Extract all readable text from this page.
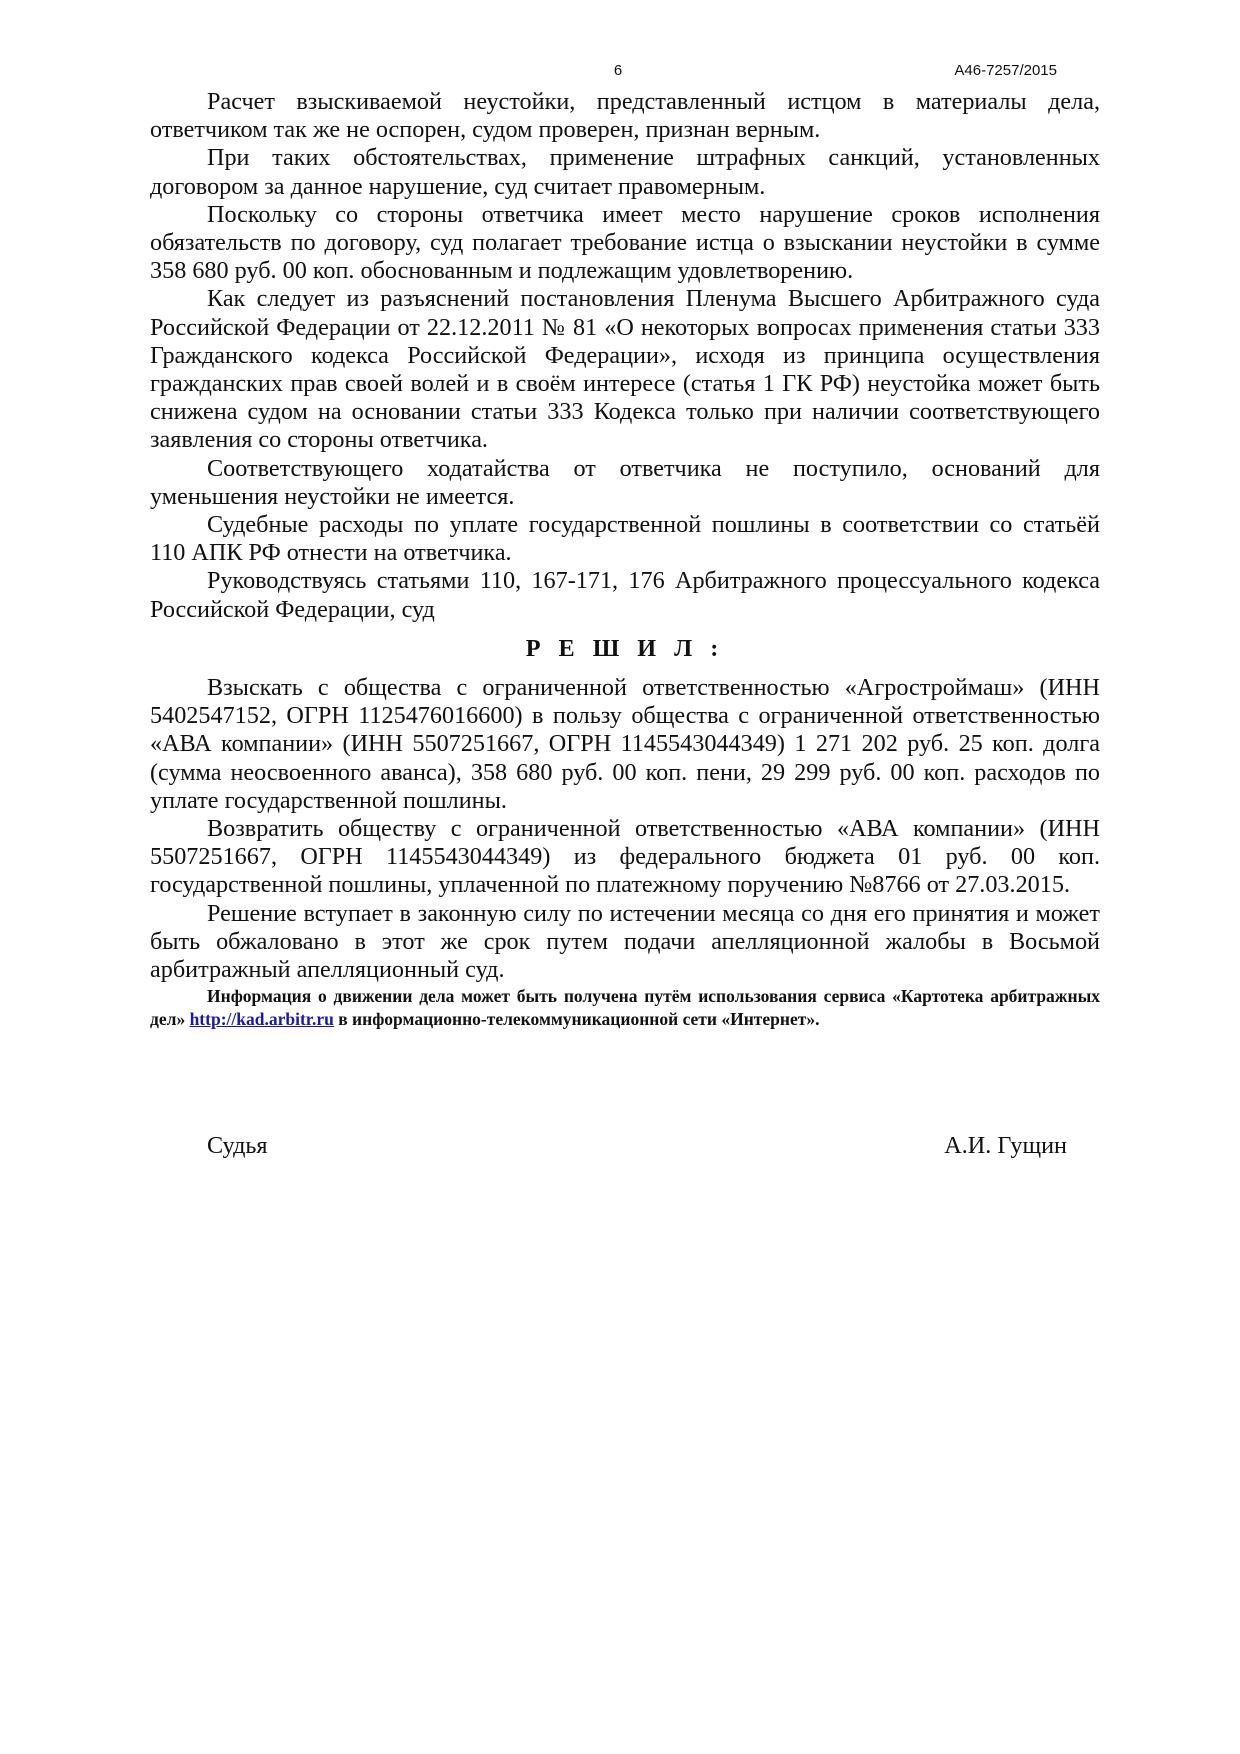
6	А46-7257/2015

Расчет взыскиваемой неустойки, представленный истцом в материалы дела, ответчиком так же не оспорен, судом проверен, признан верным.

При таких обстоятельствах, применение штрафных санкций, установленных договором за данное нарушение, суд считает правомерным.

Поскольку со стороны ответчика имеет место нарушение сроков исполнения обязательств по договору, суд полагает требование истца о взыскании неустойки в сумме 358 680 руб. 00 коп. обоснованным и подлежащим удовлетворению.

Как следует из разъяснений постановления Пленума Высшего Арбитражного суда Российской Федерации от 22.12.2011 № 81 «О некоторых вопросах применения статьи 333 Гражданского кодекса Российской Федерации», исходя из принципа осуществления гражданских прав своей волей и в своём интересе (статья 1 ГК РФ) неустойка может быть снижена судом на основании статьи 333 Кодекса только при наличии соответствующего заявления со стороны ответчика.

Соответствующего ходатайства от ответчика не поступило, оснований для уменьшения неустойки не имеется.

Судебные расходы по уплате государственной пошлины в соответствии со статьёй 110 АПК РФ отнести на ответчика.

Руководствуясь статьями 110, 167-171, 176 Арбитражного процессуального кодекса Российской Федерации, суд

Р Е Ш И Л :

Взыскать с общества с ограниченной ответственностью «Агростроймаш» (ИНН 5402547152, ОГРН 1125476016600) в пользу общества с ограниченной ответственностью «АВА компании» (ИНН 5507251667, ОГРН 1145543044349) 1 271 202 руб. 25 коп. долга (сумма неосвоенного аванса), 358 680 руб. 00 коп. пени, 29 299 руб. 00 коп. расходов по уплате государственной пошлины.

Возвратить обществу с ограниченной ответственностью «АВА компании» (ИНН 5507251667, ОГРН 1145543044349) из федерального бюджета 01 руб. 00 коп. государственной пошлины, уплаченной по платежному поручению №8766 от 27.03.2015.

Решение вступает в законную силу по истечении месяца со дня его принятия и может быть обжаловано в этот же срок путем подачи апелляционной жалобы в Восьмой арбитражный апелляционный суд.

Информация о движении дела может быть получена путём использования сервиса «Картотека арбитражных дел» http://kad.arbitr.ru в информационно-телекоммуникационной сети «Интернет».

Судья	А.И. Гущин
